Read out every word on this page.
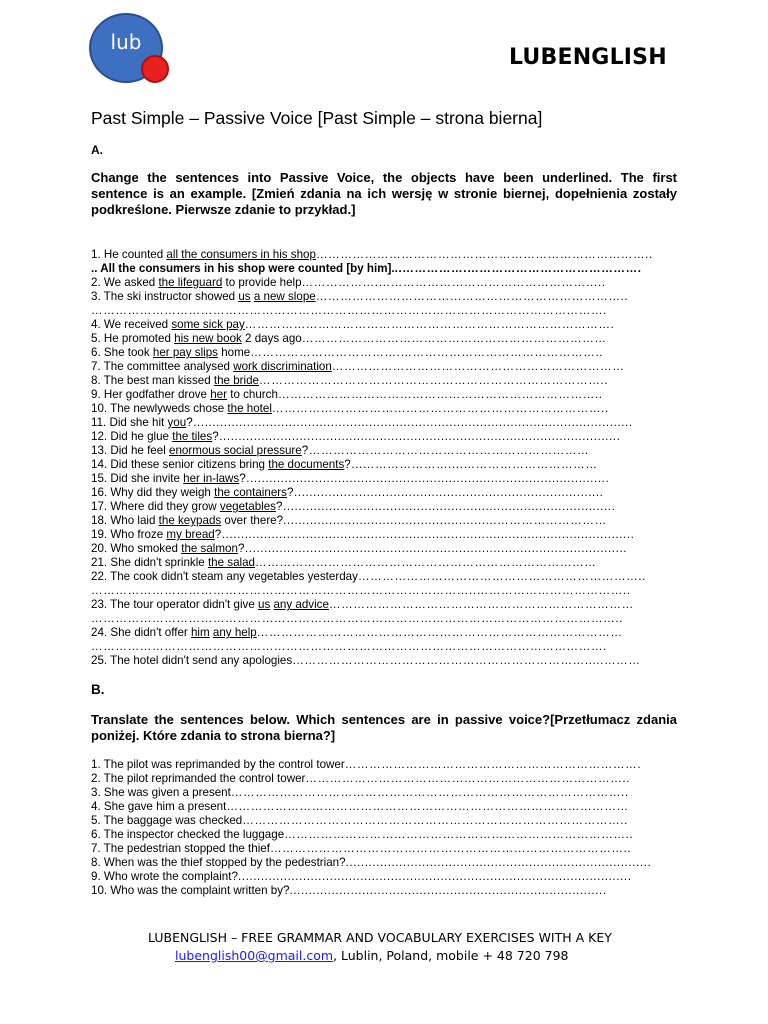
lub
LUBENGLISH
Past Simple – Passive Voice [Past Simple – strona bierna]
A.

Change the sentences into Passive Voice, the objects have been underlined. The first sentence is an example. [Zmień zdania na ich wersję w stronie biernej, dopełnienia zostały podkreślone. Pierwsze zdanie to przykład.]

1. He counted all the consumers in his shop………………………………………………………………………..
.. All the consumers in his shop were counted [by him]...…………….…………………………………….
2. We asked the lifeguard to provide help……………….………………………………………………..
3. The ski instructor showed us a new slope…………………………………………………………………..
……………………………………………………………………………………………………………….
4. We received some sick pay……………………………………………………………………………….
5. He promoted his new book 2 days ago…………………………………………………………………
6. She took her pay slips home……………………………….…………………………………………..
7. The committee analysed work discrimination………………………………………………………………
8. The best man kissed the bride…………………………………………………………………………..
9. Her godfather drove her to church……………………………………………………………………..
10. The newlyweds chose the hotel………………………………………………………………………..
11. Did she hit you?...................................................................................................................
12. Did he glue the tiles?.........................................................................................................
13. Did he feel enormous social pressure?……………………………………………………………
14. Did these senior citizens bring the documents?...…………………....……………………………
15. Did she invite her in-laws?...............................................................................................
16. Why did they weigh the containers?.................................................................................
17. Where did they grow vegetables?.......................................................................................
18. Who laid the keypads over there?........................................................………………………
19. Who froze my bread?............................................................................................................
20. Who smoked the salmon?....................................................................................................
21. She didn't sprinkle the salad…………………………………………………………………………
22. The cook didn't steam any vegetables yesterday……………………………………………………………..
…………………………………………………………………………………..………………………………..
23. The tour operator didn't give us any advice…………………………………………………………………
…………………………………………………………………………………………………………………..
24. She didn't offer him any help………………………………………………………………………………
……………………………………………………………………………………………………………….
25. The hotel didn't send any apologies……………………………………………………………….....………
B.

Translate the sentences below. Which sentences are in passive voice?[Przetłumacz zdania poniżej. Które zdania to strona bierna?]

1. The pilot was reprimanded by the control tower……………………………………………………………….
2. The pilot reprimanded the control tower……………………………………………………………………..
3. She was given a present……………………………………………………………………………………..
4. She gave him a present………………………………………………………………………………………
5. The baggage was checked…………………………………………………………………………………..
6. The inspector checked the luggage…………………………………………………………………………..
7. The pedestrian stopped the thief……………………………………………………………………………..
8. When was the thief stopped by the pedestrian?................................................................................
9. Who wrote the complaint?.......................................................................................................
10. Who was the complaint written by?...................................................................................
LUBENGLISH – FREE GRAMMAR AND VOCABULARY EXERCISES WITH A KEY
lubenglish00@gmail.com, Lublin, Poland, mobile + 48 720 798
